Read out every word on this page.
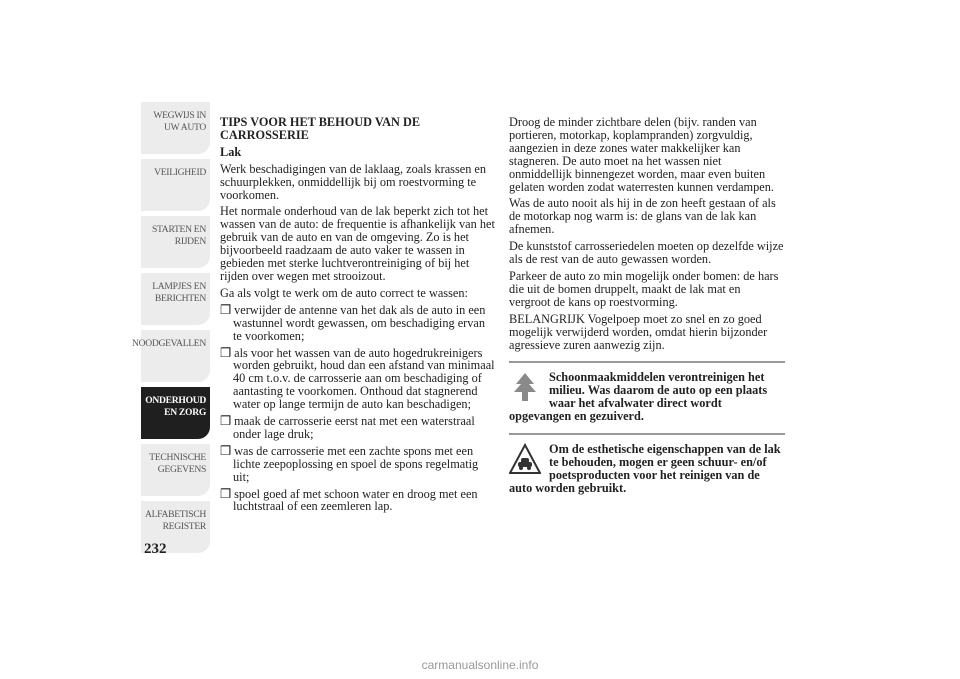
WEGWIJS IN UW AUTO
VEILIGHEID
STARTEN EN RIJDEN
LAMPJES EN BERICHTEN
NOODGEVALLEN
ONDERHOUD EN ZORG
TECHNISCHE GEGEVENS
ALFABETISCH REGISTER
232

TIPS VOOR HET BEHOUD VAN DE CARROSSERIE

Lak

Werk beschadigingen van de laklaag, zoals krassen en schuurplekken, onmiddellijk bij om roestvorming te voorkomen.

Het normale onderhoud van de lak beperkt zich tot het wassen van de auto: de frequentie is afhankelijk van het gebruik van de auto en van de omgeving. Zo is het bijvoorbeeld raadzaam de auto vaker te wassen in gebieden met sterke luchtverontreiniging of bij het rijden over wegen met strooizout.

Ga als volgt te werk om de auto correct te wassen:

❒ verwijder de antenne van het dak als de auto in een wastunnel wordt gewassen, om beschadiging ervan te voorkomen;

❒ als voor het wassen van de auto hogedrukreinigers worden gebruikt, houd dan een afstand van minimaal 40 cm t.o.v. de carrosserie aan om beschadiging of aantasting te voorkomen. Onthoud dat stagnerend water op lange termijn de auto kan beschadigen;

❒ maak de carrosserie eerst nat met een waterstraal onder lage druk;

❒ was de carrosserie met een zachte spons met een lichte zeepoplossing en spoel de spons regelmatig uit;

❒ spoel goed af met schoon water en droog met een luchtstraal of een zeemleren lap.

Droog de minder zichtbare delen (bijv. randen van portieren, motorkap, koplampranden) zorgvuldig, aangezien in deze zones water makkelijker kan stagneren. De auto moet na het wassen niet onmiddellijk binnengezet worden, maar even buiten gelaten worden zodat waterresten kunnen verdampen.

Was de auto nooit als hij in de zon heeft gestaan of als de motorkap nog warm is: de glans van de lak kan afnemen.

De kunststof carrosseriedelen moeten op dezelfde wijze als de rest van de auto gewassen worden.

Parkeer de auto zo min mogelijk onder bomen: de hars die uit de bomen druppelt, maakt de lak mat en vergroot de kans op roestvorming.

BELANGRIJK Vogelpoep moet zo snel en zo goed mogelijk verwijderd worden, omdat hierin bijzonder agressieve zuren aanwezig zijn.

Schoonmaakmiddelen verontreinigen het milieu. Was daarom de auto op een plaats waar het afvalwater direct wordt opgevangen en gezuiverd.
Om de esthetische eigenschappen van de lak te behouden, mogen er geen schuur- en/of poetsproducten voor het reinigen van de auto worden gebruikt.
carmanualsonline.info
